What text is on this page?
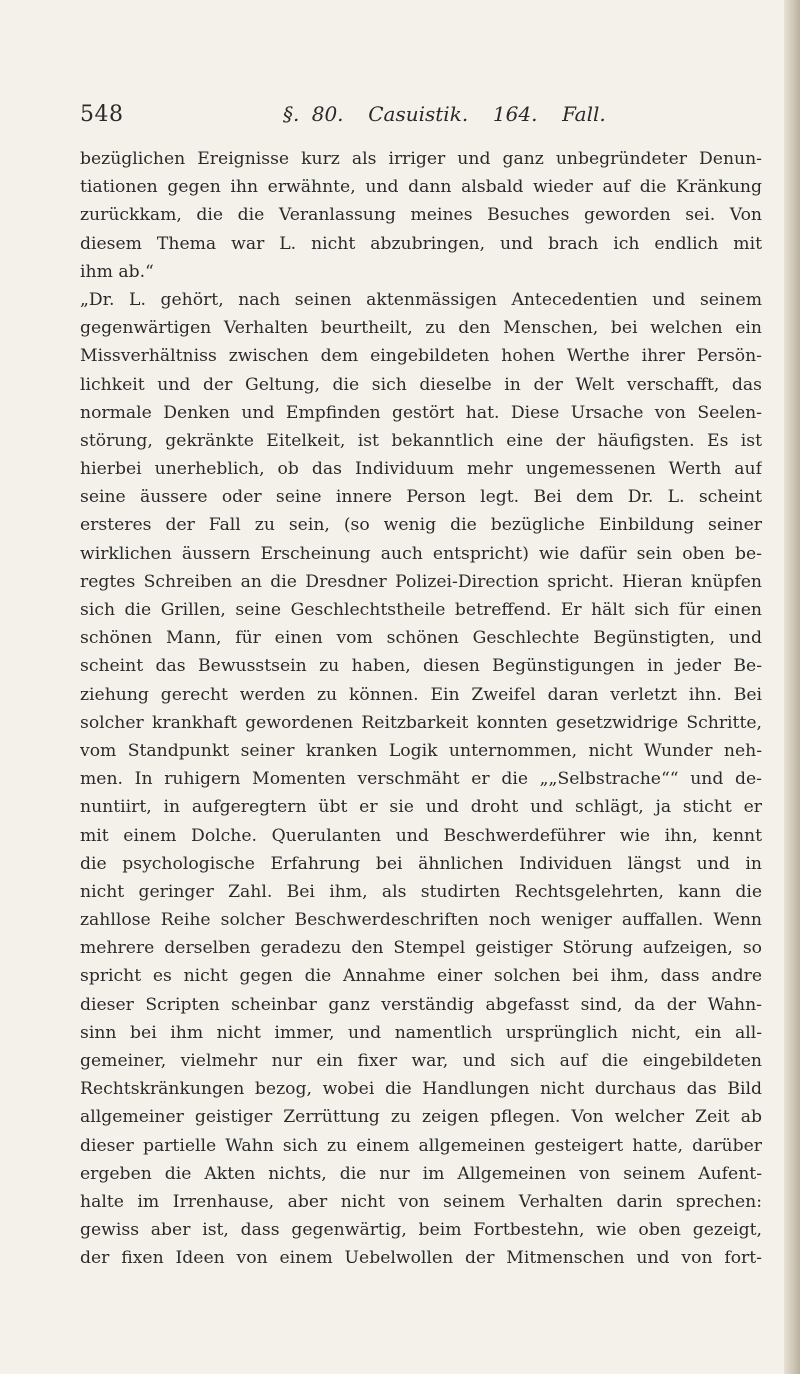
548	§. 80.  Casuistik.  164.  Fall.
bezüglichen Ereignisse kurz als irriger und ganz unbegründeter Denun-
tiationen gegen ihn erwähnte, und dann alsbald wieder auf die Kränkung
zurückkam, die die Veranlassung meines Besuches geworden sei. Von
diesem Thema war L. nicht abzubringen, und brach ich endlich mit
ihm ab.“
„Dr. L. gehört, nach seinen aktenmässigen Antecedentien und seinem
gegenwärtigen Verhalten beurtheilt, zu den Menschen, bei welchen ein
Missverhältniss zwischen dem eingebildeten hohen Werthe ihrer Persön-
lichkeit und der Geltung, die sich dieselbe in der Welt verschafft, das
normale Denken und Empfinden gestört hat. Diese Ursache von Seelen-
störung, gekränkte Eitelkeit, ist bekanntlich eine der häufigsten. Es ist
hierbei unerheblich, ob das Individuum mehr ungemessenen Werth auf
seine äussere oder seine innere Person legt. Bei dem Dr. L. scheint
ersteres der Fall zu sein, (so wenig die bezügliche Einbildung seiner
wirklichen äussern Erscheinung auch entspricht) wie dafür sein oben be-
regtes Schreiben an die Dresdner Polizei-Direction spricht. Hieran knüpfen
sich die Grillen, seine Geschlechtstheile betreffend. Er hält sich für einen
schönen Mann, für einen vom schönen Geschlechte Begünstigten, und
scheint das Bewusstsein zu haben, diesen Begünstigungen in jeder Be-
ziehung gerecht werden zu können. Ein Zweifel daran verletzt ihn. Bei
solcher krankhaft gewordenen Reitzbarkeit konnten gesetzwidrige Schritte,
vom Standpunkt seiner kranken Logik unternommen, nicht Wunder neh-
men. In ruhigern Momenten verschmäht er die „„Selbstrache““ und de-
nuntiirt, in aufgeregtern übt er sie und droht und schlägt, ja sticht er
mit einem Dolche. Querulanten und Beschwerdeführer wie ihn, kennt
die psychologische Erfahrung bei ähnlichen Individuen längst und in
nicht geringer Zahl. Bei ihm, als studirten Rechtsgelehrten, kann die
zahllose Reihe solcher Beschwerdeschriften noch weniger auffallen. Wenn
mehrere derselben geradezu den Stempel geistiger Störung aufzeigen, so
spricht es nicht gegen die Annahme einer solchen bei ihm, dass andre
dieser Scripten scheinbar ganz verständig abgefasst sind, da der Wahn-
sinn bei ihm nicht immer, und namentlich ursprünglich nicht, ein all-
gemeiner, vielmehr nur ein fixer war, und sich auf die eingebildeten
Rechtskränkungen bezog, wobei die Handlungen nicht durchaus das Bild
allgemeiner geistiger Zerrüttung zu zeigen pflegen. Von welcher Zeit ab
dieser partielle Wahn sich zu einem allgemeinen gesteigert hatte, darüber
ergeben die Akten nichts, die nur im Allgemeinen von seinem Aufent-
halte im Irrenhause, aber nicht von seinem Verhalten darin sprechen:
gewiss aber ist, dass gegenwärtig, beim Fortbestehn, wie oben gezeigt,
der fixen Ideen von einem Uebelwollen der Mitmenschen und von fort-
